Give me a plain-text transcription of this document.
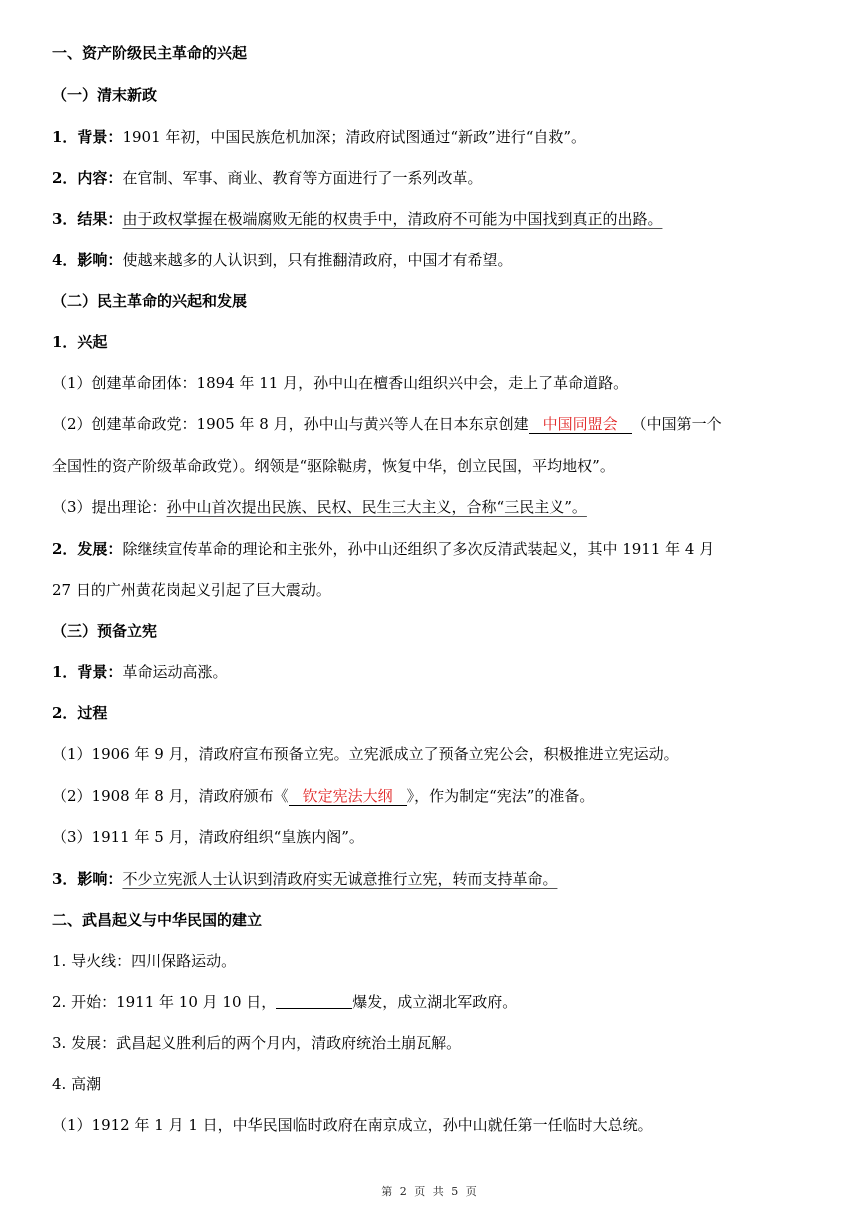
一、资产阶级民主革命的兴起
（一）清末新政
1．背景：1901 年初，中国民族危机加深；清政府试图通过“新政”进行“自救”。
2．内容：在官制、军事、商业、教育等方面进行了一系列改革。
3．结果：由于政权掌握在极端腐败无能的权贵手中，清政府不可能为中国找到真正的出路。
4．影响：使越来越多的人认识到，只有推翻清政府，中国才有希望。
（二）民主革命的兴起和发展
1．兴起
（1）创建革命团体：1894 年 11 月，孙中山在檀香山组织兴中会，走上了革命道路。
（2）创建革命政党：1905 年 8 月，孙中山与黄兴等人在日本东京创建 中国同盟会 （中国第一个
全国性的资产阶级革命政党）。纲领是“驱除鞑虏，恢复中华，创立民国，平均地权”。
（3）提出理论：孙中山首次提出民族、民权、民生三大主义，合称“三民主义”。
2．发展：除继续宣传革命的理论和主张外，孙中山还组织了多次反清武装起义，其中 1911 年 4 月
27 日的广州黄花岗起义引起了巨大震动。
（三）预备立宪
1．背景：革命运动高涨。
2．过程
（1）1906 年 9 月，清政府宣布预备立宪。立宪派成立了预备立宪公会，积极推进立宪运动。
（2）1908 年 8 月，清政府颁布《 钦定宪法大纲 》，作为制定“宪法”的准备。
（3）1911 年 5 月，清政府组织“皇族内阁”。
3．影响：不少立宪派人士认识到清政府实无诚意推行立宪，转而支持革命。
二、武昌起义与中华民国的建立
1. 导火线：四川保路运动。
2. 开始：1911 年 10 月 10 日，	爆发，成立湖北军政府。
3. 发展：武昌起义胜利后的两个月内，清政府统治土崩瓦解。
4. 高潮
（1）1912 年 1 月 1 日，中华民国临时政府在南京成立，孙中山就任第一任临时大总统。
第 2 页 共 5 页
